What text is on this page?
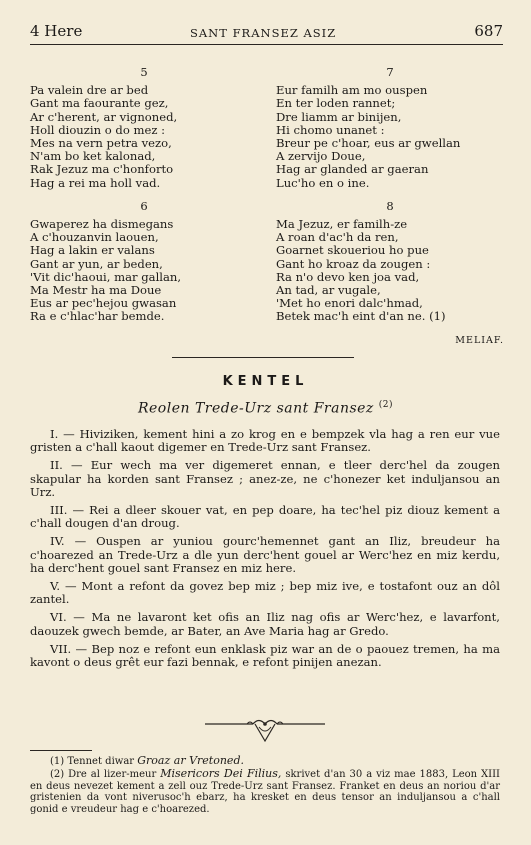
4 Here	SANT FRANSEZ ASIZ	687
5
Pa valein dre ar bed
Gant ma faourante gez,
Ar c'herent, ar vignoned,
Holl diouzin o do mez :
Mes na vern petra vezo,
N'am bo ket kalonad,
Rak Jezuz ma c'honforto
Hag a rei ma holl vad.
6
Gwaperez ha dismegans
A c'houzanvin laouen,
Hag a lakin er valans
Gant ar yun, ar beden,
'Vit dic'haoui, mar gallan,
Ma Mestr ha ma Doue
Eus ar pec'hejou gwasan
Ra e c'hlac'har bemde.
7
Eur familh am mo ouspen
En ter loden rannet;
Dre liamm ar binijen,
Hi chomo unanet :
Breur pe c'hoar, eus ar gwellan
A zervijo Doue,
Hag ar glanded ar gaeran
Luc'ho en o ine.
8
Ma Jezuz, er familh-ze
A roan d'ac'h da ren,
Goarnet skoueriou ho pue
Gant ho kroaz da zougen :
Ra n'o devo ken joa vad,
An tad, ar vugale,
'Met ho enori dalc'hmad,
Betek mac'h eint d'an ne. (1)
MELIAF.
KENTEL
Reolen Trede-Urz sant Fransez $^{(2)}$

I. — Hiviziken, kement hini a zo krog en e bempzek vla hag a ren eur vue gristen a c'hall kaout digemer en Trede-Urz sant Fransez.

II. — Eur wech ma ver digemeret ennan, e tleer derc'hel da zougen skapular ha korden sant Fransez ; anez-ze, ne c'honezer ket induljansou an Urz.

III. — Rei a dleer skouer vat, en pep doare, ha tec'hel piz diouz kement a c'hall dougen d'an droug.

IV. — Ouspen ar yuniou gourc'hemennet gant an Iliz, breudeur ha c'hoarezed an Trede-Urz a dle yun derc'hent gouel ar Werc'hez en miz kerdu, ha derc'hent gouel sant Fransez en miz here.

V. — Mont a refont da govez bep miz ; bep miz ive, e tostafont ouz an dôl zantel.

VI. — Ma ne lavaront ket ofis an Iliz nag ofis ar Werc'hez, e lavarfont, daouzek gwech bemde, ar Bater, an Ave Maria hag ar Gredo.

VII. — Bep noz e refont eun enklask piz war an de o paouez tremen, ha ma kavont o deus grêt eur fazi bennak, e refont pinijen anezan.

(1) Tennet diwar Groaz ar Vretoned.

(2) Dre al lizer-meur Misericors Dei Filius, skrivet d'an 30 a viz mae 1883, Leon XIII en deus nevezet kement a zell ouz Trede-Urz sant Fransez. Franket en deus an noriou d'ar gristenien da vont niverusoc'h ebarz, ha kresket en deus tensor an induljansou a c'hall gonid e vreudeur hag e c'hoarezed.
